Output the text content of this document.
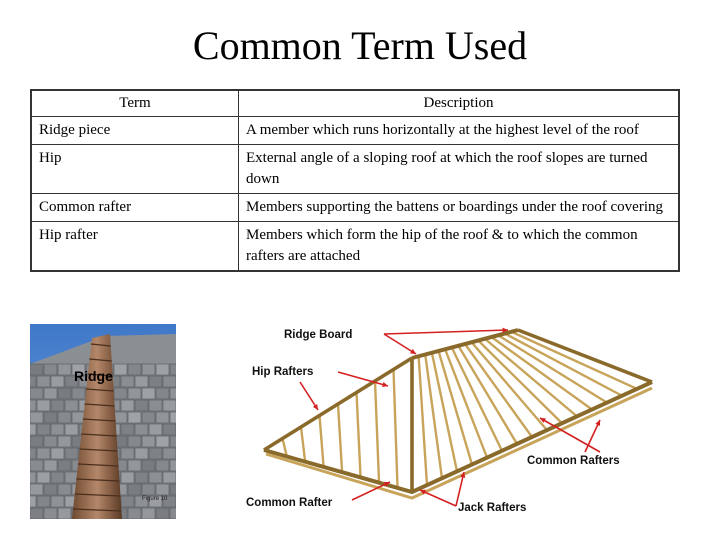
Common Term Used
Term	Description
Ridge piece	A member which runs horizontally at the highest level of the roof
Hip	External angle of a sloping roof at which the roof slopes are turned down
Common rafter	Members supporting the battens or boardings under the roof covering
Hip rafter	Members which form the hip of the roof & to which the common rafters are attached
Ridge
Figure 10
Ridge Board
Hip Rafters
Common Rafters
Common Rafter	Jack Rafters
